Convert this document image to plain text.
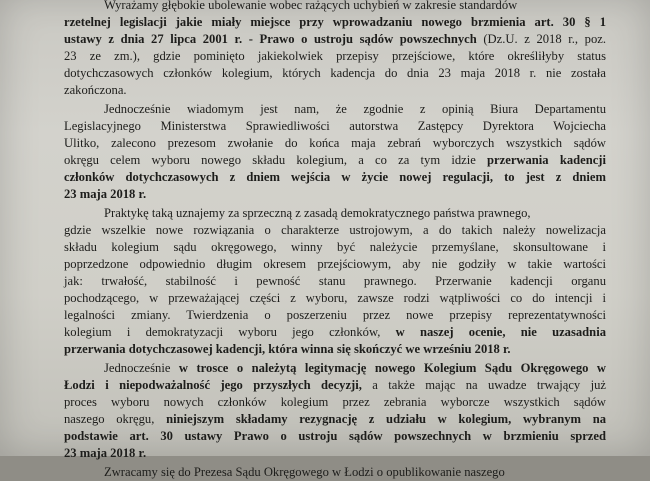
Wyrażamy głębokie ubolewanie wobec rażących uchybień w zakresie standardów
rzetelnej legislacji jakie miały miejsce przy wprowadzaniu nowego brzmienia art. 30 § 1
ustawy z dnia 27 lipca 2001 r. - Prawo o ustroju sądów powszechnych (Dz.U. z 2018 r., poz.
23 ze zm.), gdzie pominięto jakiekolwiek przepisy przejściowe, które określiłyby status
dotychczasowych członków kolegium, których kadencja do dnia 23 maja 2018 r. nie została
zakończona.
Jednocześnie wiadomym jest nam, że zgodnie z opinią Biura Departamentu
Legislacyjnego Ministerstwa Sprawiedliwości autorstwa Zastępcy Dyrektora Wojciecha
Ulitko, zalecono prezesom zwołanie do końca maja zebrań wyborczych wszystkich sądów
okręgu celem wyboru nowego składu kolegium, a co za tym idzie przerwania kadencji
członków dotychczasowych z dniem wejścia w życie nowej regulacji, to jest z dniem
23 maja 2018 r.
Praktykę taką uznajemy za sprzeczną z zasadą demokratycznego państwa prawnego,
gdzie wszelkie nowe rozwiązania o charakterze ustrojowym, a do takich należy nowelizacja
składu kolegium sądu okręgowego, winny być należycie przemyślane, skonsultowane i
poprzedzone odpowiednio długim okresem przejściowym, aby nie godziły w takie wartości
jak: trwałość, stabilność i pewność stanu prawnego. Przerwanie kadencji organu
pochodzącego, w przeważającej części z wyboru, zawsze rodzi wątpliwości co do intencji i
legalności zmiany. Twierdzenia o poszerzeniu przez nowe przepisy reprezentatywności
kolegium i demokratyzacji wyboru jego członków, w naszej ocenie, nie uzasadnia
przerwania dotychczasowej kadencji, która winna się skończyć we wrześniu 2018 r.
Jednocześnie w trosce o należytą legitymację nowego Kolegium Sądu Okręgowego w
Łodzi i niepodważalność jego przyszłych decyzji, a także mając na uwadze trwający już
proces wyboru nowych członków kolegium przez zebrania wyborcze wszystkich sądów
naszego okręgu, niniejszym składamy rezygnację z udziału w kolegium, wybranym na
podstawie art. 30 ustawy Prawo o ustroju sądów powszechnych w brzmieniu sprzed
23 maja 2018 r.
Zwracamy się do Prezesa Sądu Okręgowego w Łodzi o opublikowanie naszego
